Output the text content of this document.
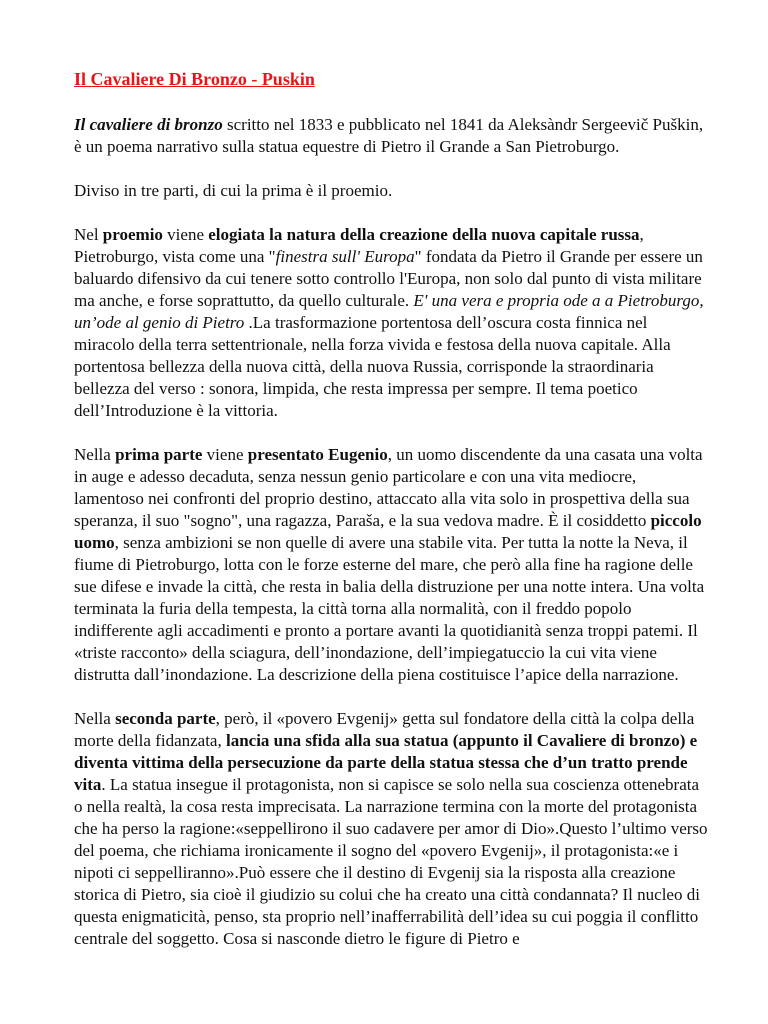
Il Cavaliere Di Bronzo - Puskin

Il cavaliere di bronzo scritto nel 1833 e pubblicato nel 1841 da Aleksàndr Sergeevič Puškin, è un poema narrativo sulla statua equestre di Pietro il Grande a San Pietroburgo.

Diviso in tre parti, di cui la prima è il proemio.

Nel proemio viene elogiata la natura della creazione della nuova capitale russa, Pietroburgo, vista come una "finestra sull' Europa" fondata da Pietro il Grande per essere un baluardo difensivo da cui tenere sotto controllo l'Europa, non solo dal punto di vista militare ma anche, e forse soprattutto, da quello culturale. E' una vera e propria ode a a Pietroburgo, un’ode al genio di Pietro .La trasformazione portentosa dell’oscura costa finnica nel miracolo della terra settentrionale, nella forza vivida e festosa della nuova capitale. Alla portentosa bellezza della nuova città, della nuova Russia, corrisponde la straordinaria bellezza del verso : sonora, limpida, che resta impressa per sempre. Il tema poetico dell’Introduzione è la vittoria.

Nella prima parte viene presentato Eugenio, un uomo discendente da una casata una volta in auge e adesso decaduta, senza nessun genio particolare e con una vita mediocre, lamentoso nei confronti del proprio destino, attaccato alla vita solo in prospettiva della sua speranza, il suo "sogno", una ragazza, Paraša, e la sua vedova madre. È il cosiddetto piccolo uomo, senza ambizioni se non quelle di avere una stabile vita. Per tutta la notte la Neva, il fiume di Pietroburgo, lotta con le forze esterne del mare, che però alla fine ha ragione delle sue difese e invade la città, che resta in balia della distruzione per una notte intera. Una volta terminata la furia della tempesta, la città torna alla normalità, con il freddo popolo indifferente agli accadimenti e pronto a portare avanti la quotidianità senza troppi patemi. Il «triste racconto» della sciagura, dell’inondazione, dell’impiegatuccio la cui vita viene distrutta dall’inondazione. La descrizione della piena costituisce l’apice della narrazione.

Nella seconda parte, però, il «povero Evgenij» getta sul fondatore della città la colpa della morte della fidanzata, lancia una sfida alla sua statua (appunto il Cavaliere di bronzo) e diventa vittima della persecuzione da parte della statua stessa che d’un tratto prende vita. La statua insegue il protagonista, non si capisce se solo nella sua coscienza ottenebrata o nella realtà, la cosa resta imprecisata. La narrazione termina con la morte del protagonista che ha perso la ragione:«seppellirono il suo cadavere per amor di Dio».Questo l’ultimo verso del poema, che richiama ironicamente il sogno del «povero Evgenij», il protagonista:«e i nipoti ci seppelliranno».Può essere che il destino di Evgenij sia la risposta alla creazione storica di Pietro, sia cioè il giudizio su colui che ha creato una città condannata? Il nucleo di questa enigmaticità, penso, sta proprio nell’inafferrabilità dell’idea su cui poggia il conflitto centrale del soggetto. Cosa si nasconde dietro le figure di Pietro e
